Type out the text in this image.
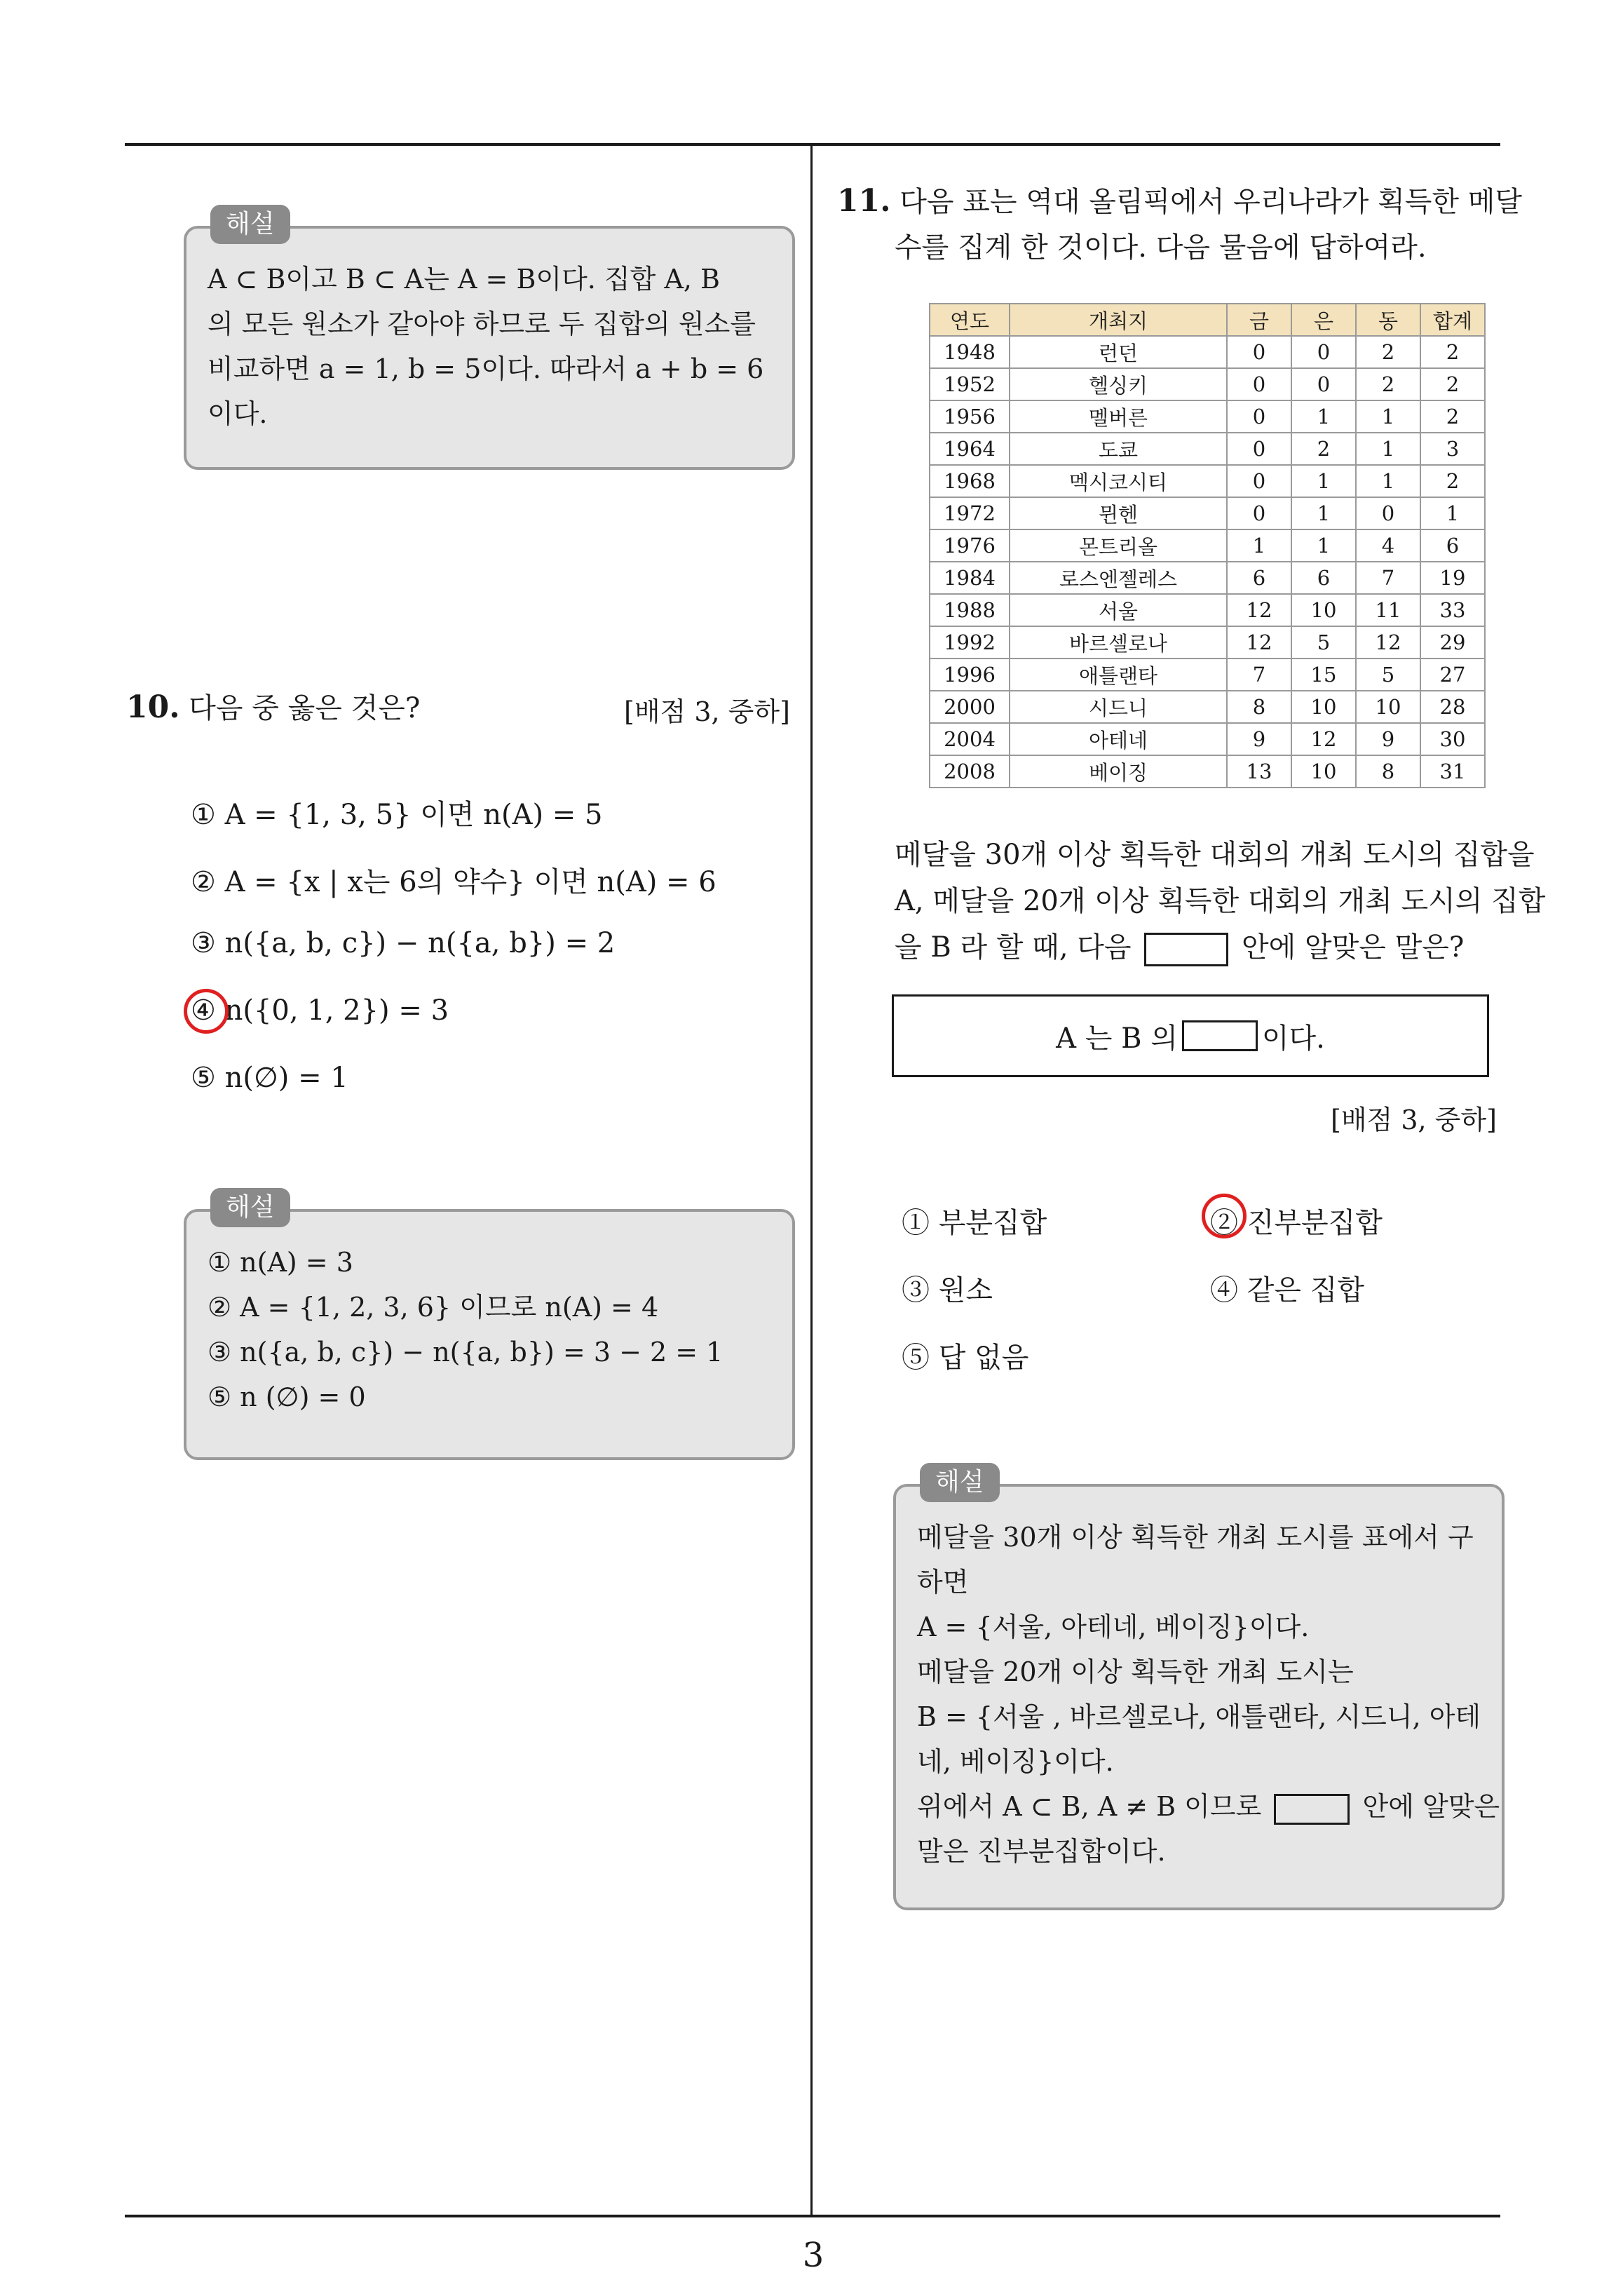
3

A ⊂ B이고 B ⊂ A는 A = B이다. 집합 A, B

의 모든 원소가 같아야 하므로 두 집합의 원소를

비교하면 a = 1, b = 5이다. 따라서 a + b = 6

이다.

해설
10. 다음 중 옳은 것은?	[배점 3, 중하]
① A = {1, 3, 5} 이면 n(A) = 5
② A = {x | x는 6의 약수} 이면 n(A) = 6
③ n({a, b, c}) − n({a, b}) = 2
④ n({0, 1, 2}) = 3
⑤ n(∅) = 1

① n(A) = 3

② A = {1, 2, 3, 6} 이므로 n(A) = 4

③ n({a, b, c}) − n({a, b}) = 3 − 2 = 1

⑤ n (∅) = 0

해설
11. 다음 표는 역대 올림픽에서 우리나라가 획득한 메달
수를 집계 한 것이다. 다음 물음에 답하여라.
연도	개최지	금	은	동	합계
1948	런던	0	0	2	2
1952	헬싱키	0	0	2	2
1956	멜버른	0	1	1	2
1964	도쿄	0	2	1	3
1968	멕시코시티	0	1	1	2
1972	뮌헨	0	1	0	1
1976	몬트리올	1	1	4	6
1984	로스엔젤레스	6	6	7	19
1988	서울	12	10	11	33
1992	바르셀로나	12	5	12	29
1996	애틀랜타	7	15	5	27
2000	시드니	8	10	10	28
2004	아테네	9	12	9	30
2008	베이징	13	10	8	31
메달을 30개 이상 획득한 대회의 개최 도시의 집합을
A, 메달을 20개 이상 획득한 대회의 개최 도시의 집합
을 B 라 할 때, 다음	안에 알맞은 말은?
A 는 B 의	이다.
[배점 3, 중하]
① 부분집합	② 진부분집합
③ 원소	④ 같은 집합
⑤ 답 없음

메달을 30개 이상 획득한 개최 도시를 표에서 구

하면

A = {서울, 아테네, 베이징}이다.

메달을 20개 이상 획득한 개최 도시는

B = {서울 , 바르셀로나, 애틀랜타, 시드니, 아테

네, 베이징}이다.

위에서 A ⊂ B, A ≠ B 이므로	안에 알맞은

말은 진부분집합이다.

해설
